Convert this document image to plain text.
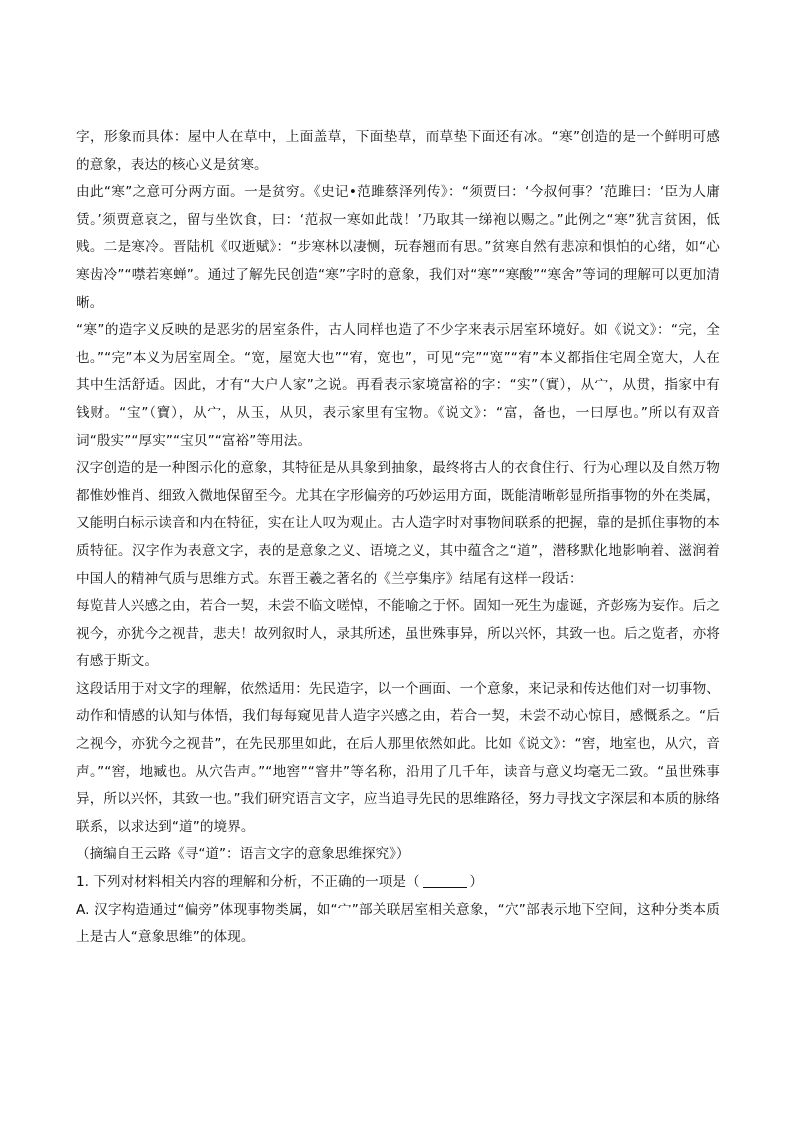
字，形象而具体：屋中人在草中，上面盖草，下面垫草，而草垫下面还有冰。“寒”创造的是一个鲜明可感的意象，表达的核心义是贫寒。

由此“寒”之意可分两方面。一是贫穷。《史记•范雎蔡泽列传》：“须贾曰：‘今叔何事？’范雎曰：‘臣为人庸赁。’须贾意哀之，留与坐饮食，曰：‘范叔一寒如此哉！’乃取其一绨袍以赐之。”此例之“寒”犹言贫困，低贱。二是寒冷。晋陆机《叹逝赋》：“步寒林以凄恻，玩春翘而有思。”贫寒自然有悲凉和惧怕的心绪，如“心寒齿冷”“噤若寒蝉”。通过了解先民创造“寒”字时的意象，我们对“寒”“寒酸”“寒舍”等词的理解可以更加清晰。

“寒”的造字义反映的是恶劣的居室条件，古人同样也造了不少字来表示居室环境好。如《说文》：“完，全也。”“完”本义为居室周全。“宽，屋宽大也”“宥，宽也”，可见“完”“宽”“宥”本义都指住宅周全宽大，人在其中生活舒适。因此，才有“大户人家”之说。再看表示家境富裕的字：“实”（實），从宀，从贯，指家中有钱财。“宝”（寶），从宀，从玉，从贝，表示家里有宝物。《说文》：“富，备也，一曰厚也。”所以有双音词“殷实”“厚实”“宝贝”“富裕”等用法。

汉字创造的是一种图示化的意象，其特征是从具象到抽象，最终将古人的衣食住行、行为心理以及自然万物都惟妙惟肖、细致入微地保留至今。尤其在字形偏旁的巧妙运用方面，既能清晰彰显所指事物的外在类属，又能明白标示读音和内在特征，实在让人叹为观止。古人造字时对事物间联系的把握，靠的是抓住事物的本质特征。汉字作为表意文字，表的是意象之义、语境之义，其中蕴含之“道”，潜移默化地影响着、滋润着中国人的精神气质与思维方式。东晋王羲之著名的《兰亭集序》结尾有这样一段话：

每览昔人兴感之由，若合一契，未尝不临文嗟悼，不能喻之于怀。固知一死生为虚诞，齐彭殇为妄作。后之视今，亦犹今之视昔，悲夫！故列叙时人，录其所述，虽世殊事异，所以兴怀，其致一也。后之览者，亦将有感于斯文。

这段话用于对文字的理解，依然适用：先民造字，以一个画面、一个意象，来记录和传达他们对一切事物、动作和情感的认知与体悟，我们每每窥见昔人造字兴感之由，若合一契，未尝不动心惊目，感慨系之。“后之视今，亦犹今之视昔”，在先民那里如此，在后人那里依然如此。比如《说文》：“窖，地室也，从穴，音声。”“窖，地臧也。从穴告声。”“地窖”“窨井”等名称，沿用了几千年，读音与意义均毫无二致。“虽世殊事异，所以兴怀，其致一也。”我们研究语言文字，应当追寻先民的思维路径，努力寻找文字深层和本质的脉络联系，以求达到“道”的境界。

（摘编自王云路《寻“道”：语言文字的意象思维探究》）

1. 下列对材料相关内容的理解和分析，不正确的一项是（	）

A. 汉字构造通过“偏旁”体现事物类属，如“宀”部关联居室相关意象，“穴”部表示地下空间，这种分类本质上是古人“意象思维”的体现。
